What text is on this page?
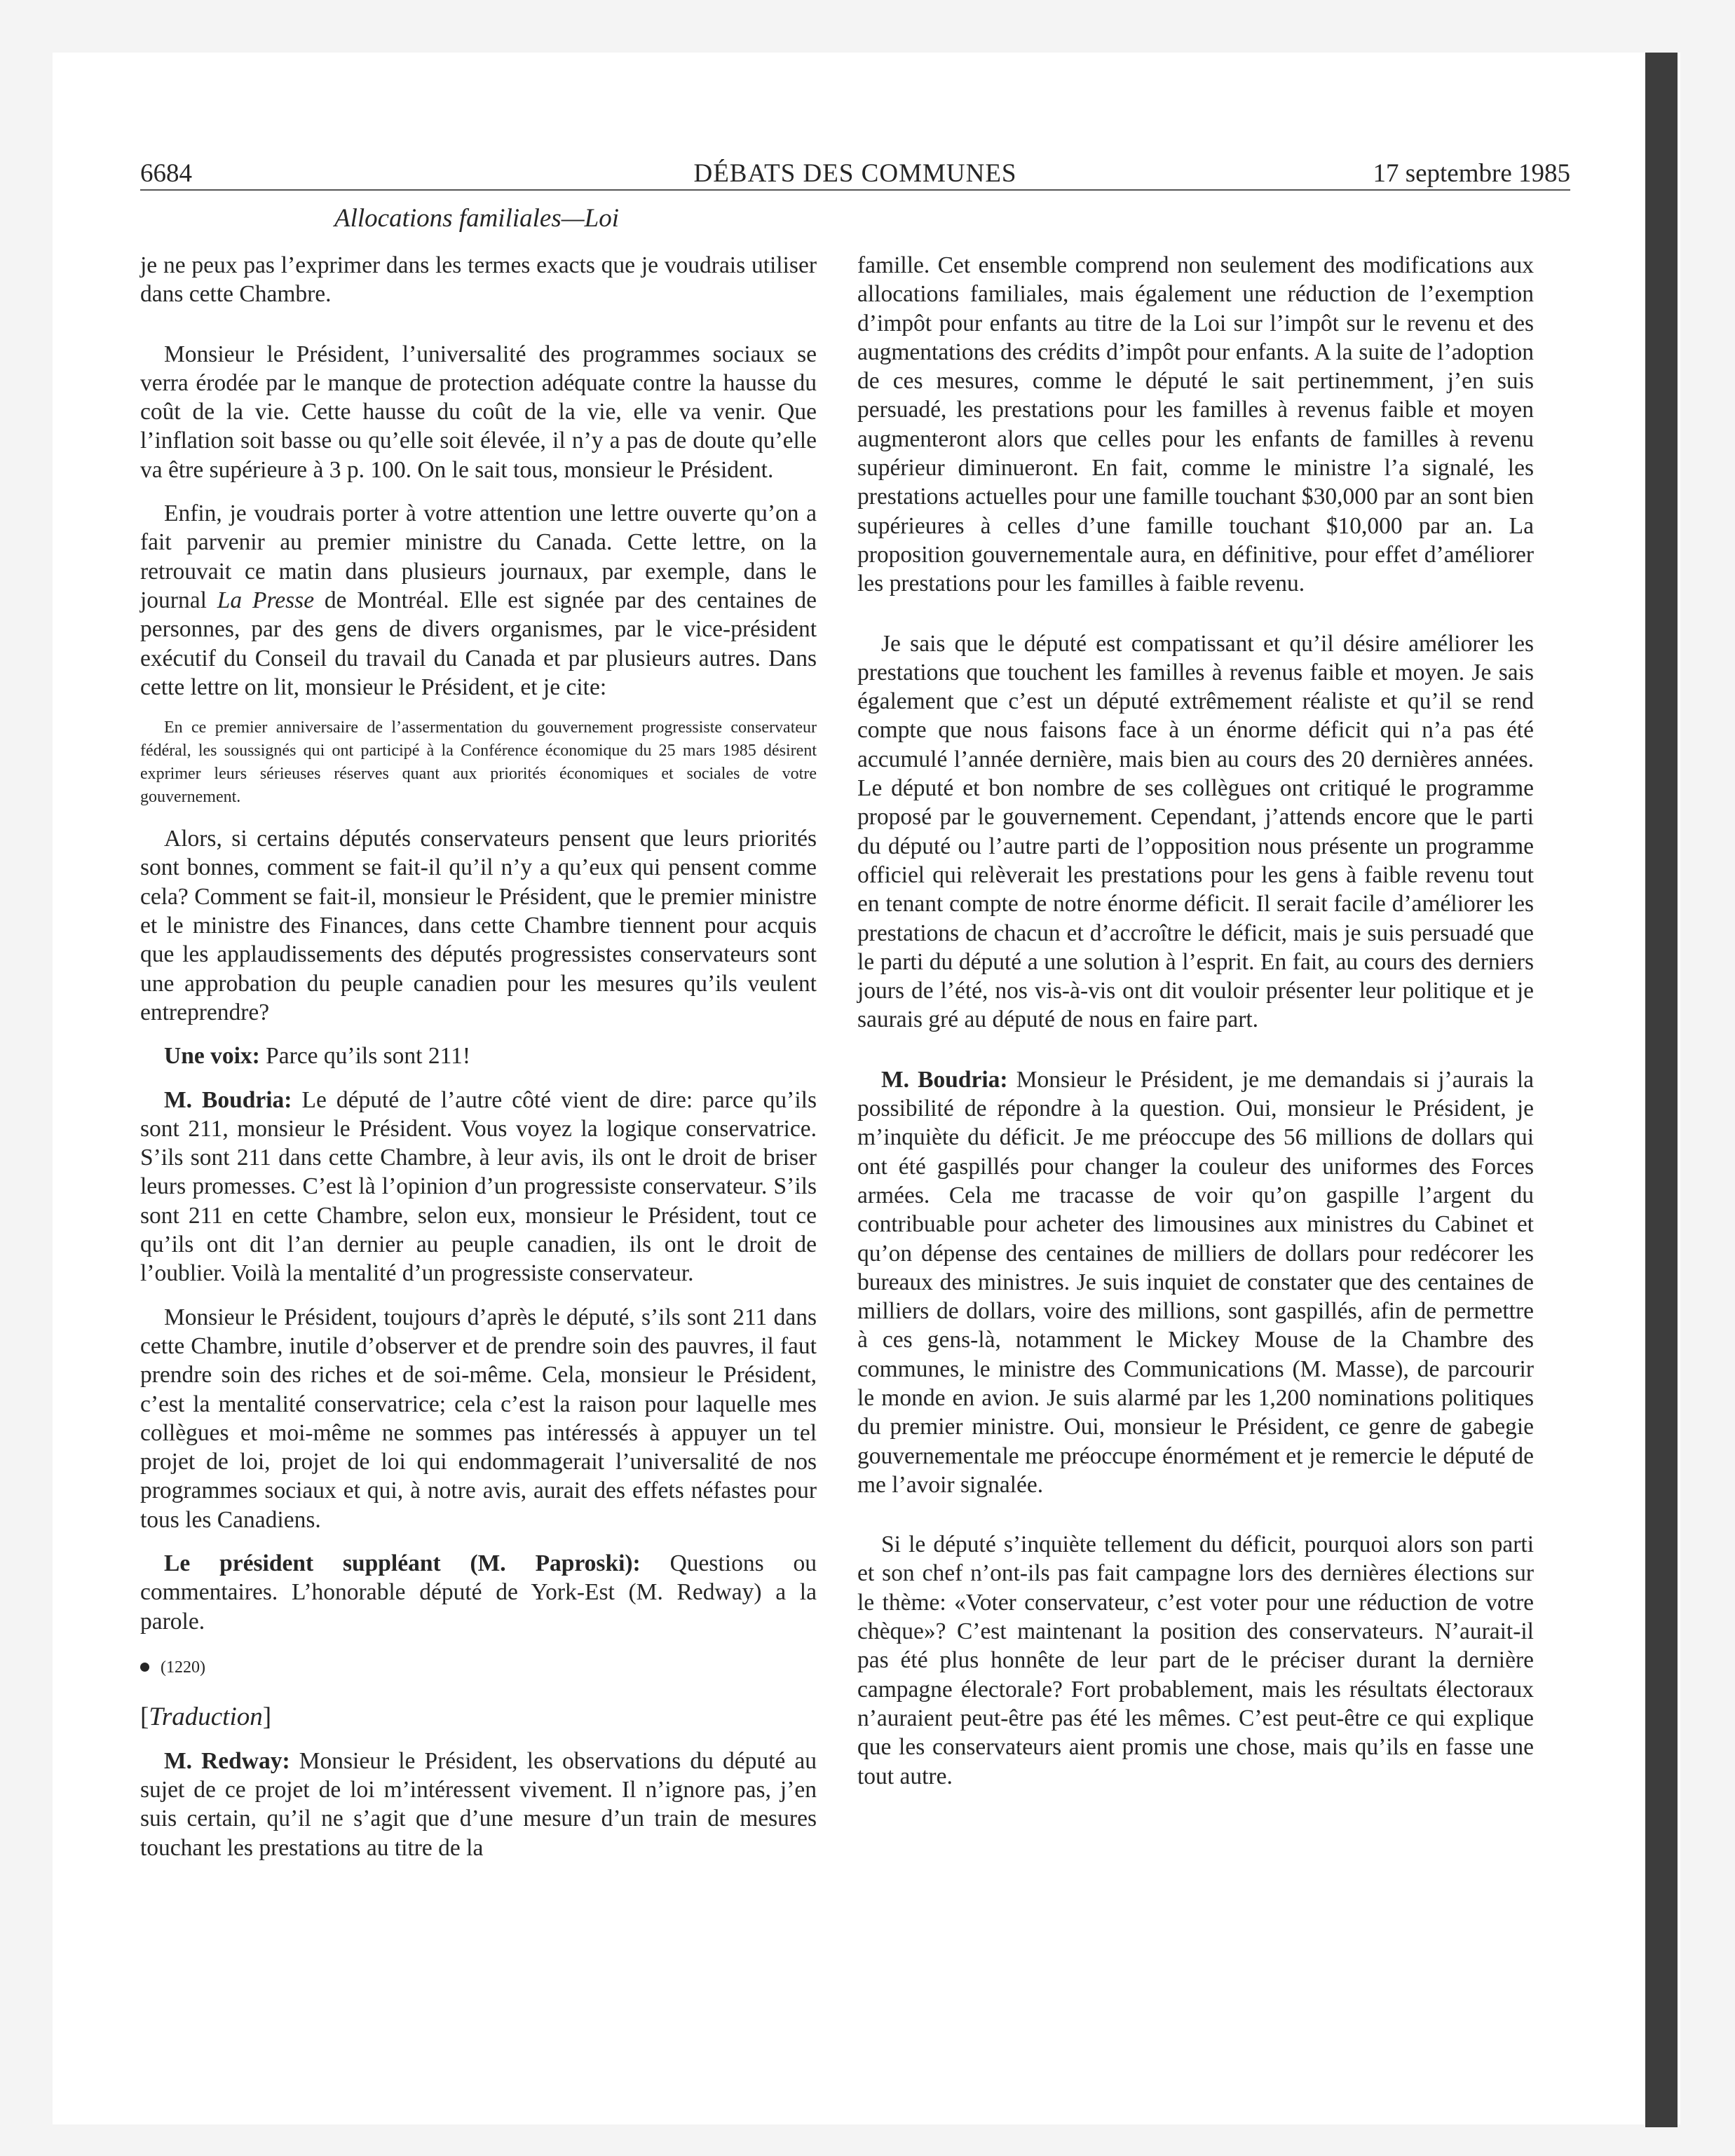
6684	DÉBATS DES COMMUNES	17 septembre 1985
Allocations familiales—Loi

je ne peux pas l’exprimer dans les termes exacts que je voudrais utiliser dans cette Chambre.

Monsieur le Président, l’universalité des programmes sociaux se verra érodée par le manque de protection adéquate contre la hausse du coût de la vie. Cette hausse du coût de la vie, elle va venir. Que l’inflation soit basse ou qu’elle soit élevée, il n’y a pas de doute qu’elle va être supérieure à 3 p. 100. On le sait tous, monsieur le Président.

Enfin, je voudrais porter à votre attention une lettre ouverte qu’on a fait parvenir au premier ministre du Canada. Cette lettre, on la retrouvait ce matin dans plusieurs journaux, par exemple, dans le journal La Presse de Montréal. Elle est signée par des centaines de personnes, par des gens de divers organismes, par le vice-président exécutif du Conseil du travail du Canada et par plusieurs autres. Dans cette lettre on lit, monsieur le Président, et je cite:

En ce premier anniversaire de l’assermentation du gouvernement progressiste conservateur fédéral, les soussignés qui ont participé à la Conférence économique du 25 mars 1985 désirent exprimer leurs sérieuses réserves quant aux priorités économiques et sociales de votre gouvernement.

Alors, si certains députés conservateurs pensent que leurs priorités sont bonnes, comment se fait-il qu’il n’y a qu’eux qui pensent comme cela? Comment se fait-il, monsieur le Président, que le premier ministre et le ministre des Finances, dans cette Chambre tiennent pour acquis que les applaudissements des députés progressistes conservateurs sont une approbation du peuple canadien pour les mesures qu’ils veulent entreprendre?

Une voix: Parce qu’ils sont 211!

M. Boudria: Le député de l’autre côté vient de dire: parce qu’ils sont 211, monsieur le Président. Vous voyez la logique conservatrice. S’ils sont 211 dans cette Chambre, à leur avis, ils ont le droit de briser leurs promesses. C’est là l’opinion d’un progressiste conservateur. S’ils sont 211 en cette Chambre, selon eux, monsieur le Président, tout ce qu’ils ont dit l’an dernier au peuple canadien, ils ont le droit de l’oublier. Voilà la mentalité d’un progressiste conservateur.

Monsieur le Président, toujours d’après le député, s’ils sont 211 dans cette Chambre, inutile d’observer et de prendre soin des pauvres, il faut prendre soin des riches et de soi-même. Cela, monsieur le Président, c’est la mentalité conservatrice; cela c’est la raison pour laquelle mes collègues et moi-même ne sommes pas intéressés à appuyer un tel projet de loi, projet de loi qui endommagerait l’universalité de nos programmes sociaux et qui, à notre avis, aurait des effets néfastes pour tous les Canadiens.

Le président suppléant (M. Paproski): Questions ou commentaires. L’honorable député de York-Est (M. Redway) a la parole.

(1220)
[Traduction]

M. Redway: Monsieur le Président, les observations du député au sujet de ce projet de loi m’intéressent vivement. Il n’ignore pas, j’en suis certain, qu’il ne s’agit que d’une mesure d’un train de mesures touchant les prestations au titre de la

famille. Cet ensemble comprend non seulement des modifications aux allocations familiales, mais également une réduction de l’exemption d’impôt pour enfants au titre de la Loi sur l’impôt sur le revenu et des augmentations des crédits d’impôt pour enfants. A la suite de l’adoption de ces mesures, comme le député le sait pertinemment, j’en suis persuadé, les prestations pour les familles à revenus faible et moyen augmenteront alors que celles pour les enfants de familles à revenu supérieur diminueront. En fait, comme le ministre l’a signalé, les prestations actuelles pour une famille touchant $30,000 par an sont bien supérieures à celles d’une famille touchant $10,000 par an. La proposition gouvernementale aura, en définitive, pour effet d’améliorer les prestations pour les familles à faible revenu.

Je sais que le député est compatissant et qu’il désire améliorer les prestations que touchent les familles à revenus faible et moyen. Je sais également que c’est un député extrêmement réaliste et qu’il se rend compte que nous faisons face à un énorme déficit qui n’a pas été accumulé l’année dernière, mais bien au cours des 20 dernières années. Le député et bon nombre de ses collègues ont critiqué le programme proposé par le gouvernement. Cependant, j’attends encore que le parti du député ou l’autre parti de l’opposition nous présente un programme officiel qui relèverait les prestations pour les gens à faible revenu tout en tenant compte de notre énorme déficit. Il serait facile d’améliorer les prestations de chacun et d’accroître le déficit, mais je suis persuadé que le parti du député a une solution à l’esprit. En fait, au cours des derniers jours de l’été, nos vis-à-vis ont dit vouloir présenter leur politique et je saurais gré au député de nous en faire part.

M. Boudria: Monsieur le Président, je me demandais si j’aurais la possibilité de répondre à la question. Oui, monsieur le Président, je m’inquiète du déficit. Je me préoccupe des 56 millions de dollars qui ont été gaspillés pour changer la couleur des uniformes des Forces armées. Cela me tracasse de voir qu’on gaspille l’argent du contribuable pour acheter des limousines aux ministres du Cabinet et qu’on dépense des centaines de milliers de dollars pour redécorer les bureaux des ministres. Je suis inquiet de constater que des centaines de milliers de dollars, voire des millions, sont gaspillés, afin de permettre à ces gens-là, notamment le Mickey Mouse de la Chambre des communes, le ministre des Communications (M. Masse), de parcourir le monde en avion. Je suis alarmé par les 1,200 nominations politiques du premier ministre. Oui, monsieur le Président, ce genre de gabegie gouvernementale me préoccupe énormément et je remercie le député de me l’avoir signalée.

Si le député s’inquiète tellement du déficit, pourquoi alors son parti et son chef n’ont-ils pas fait campagne lors des dernières élections sur le thème: «Voter conservateur, c’est voter pour une réduction de votre chèque»? C’est maintenant la position des conservateurs. N’aurait-il pas été plus honnête de leur part de le préciser durant la dernière campagne électorale? Fort probablement, mais les résultats électoraux n’auraient peut-être pas été les mêmes. C’est peut-être ce qui explique que les conservateurs aient promis une chose, mais qu’ils en fasse une tout autre.
